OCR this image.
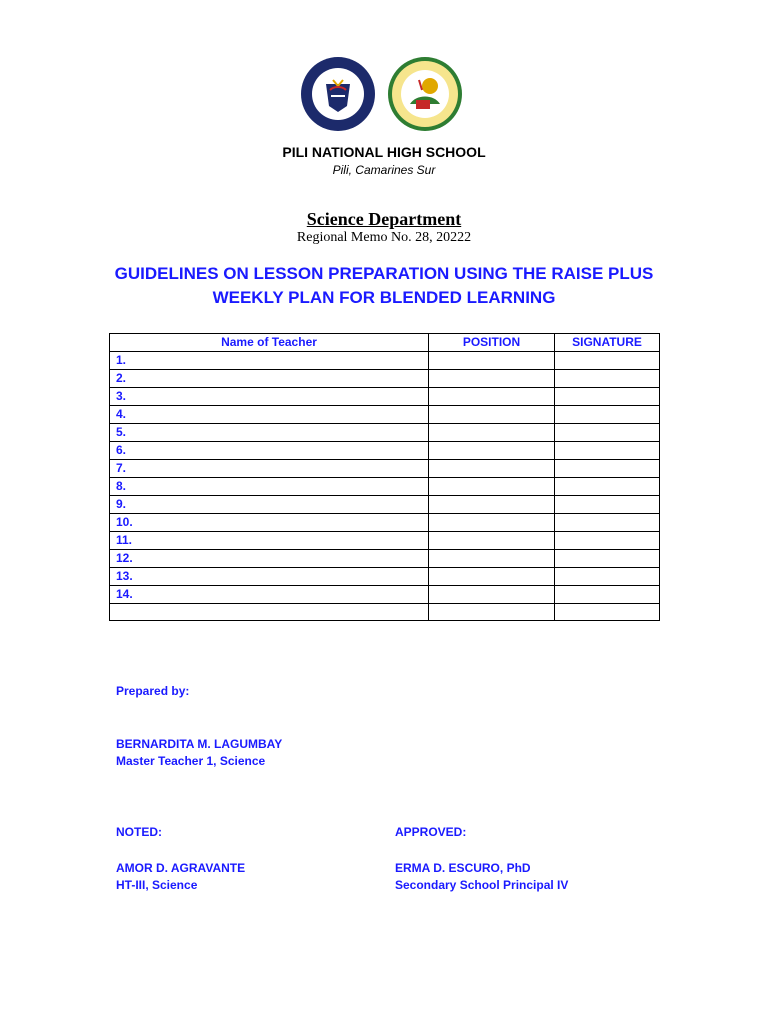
PILI NATIONAL HIGH SCHOOL
Pili, Camarines Sur
Science Department
Regional Memo No. 28, 20222
GUIDELINES ON LESSON PREPARATION USING THE RAISE PLUS
WEEKLY PLAN FOR BLENDED LEARNING
Name of Teacher	POSITION	SIGNATURE
1.		
2.		
3.		
4.		
5.		
6.		
7.		
8.		
9.		
10.		
11.		
12.		
13.		
14.		

Prepared by:
BERNARDITA M. LAGUMBAY
Master Teacher 1, Science
NOTED:	APPROVED:
AMOR D. AGRAVANTE
HT-III, Science
ERMA D. ESCURO, PhD
Secondary School Principal IV
